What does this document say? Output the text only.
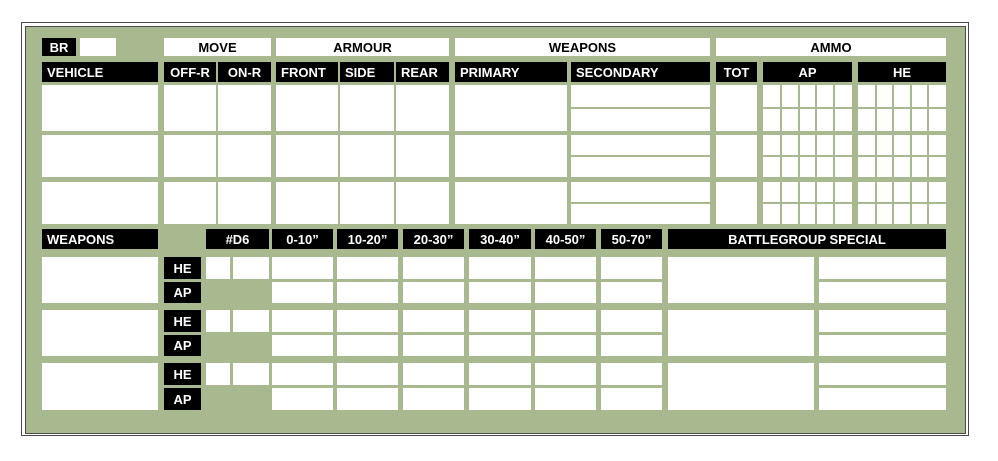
BR	MOVE	ARMOUR	WEAPONS	AMMO
VEHICLE	OFF-R	ON-R	FRONT	SIDE	REAR	PRIMARY	SECONDARY	TOT	AP	HE
WEAPONS	#D6	0-10”	10-20”	20-30”	30-40”	40-50”	50-70”	BATTLEGROUP SPECIAL
HE
AP
HE
AP
HE
AP
